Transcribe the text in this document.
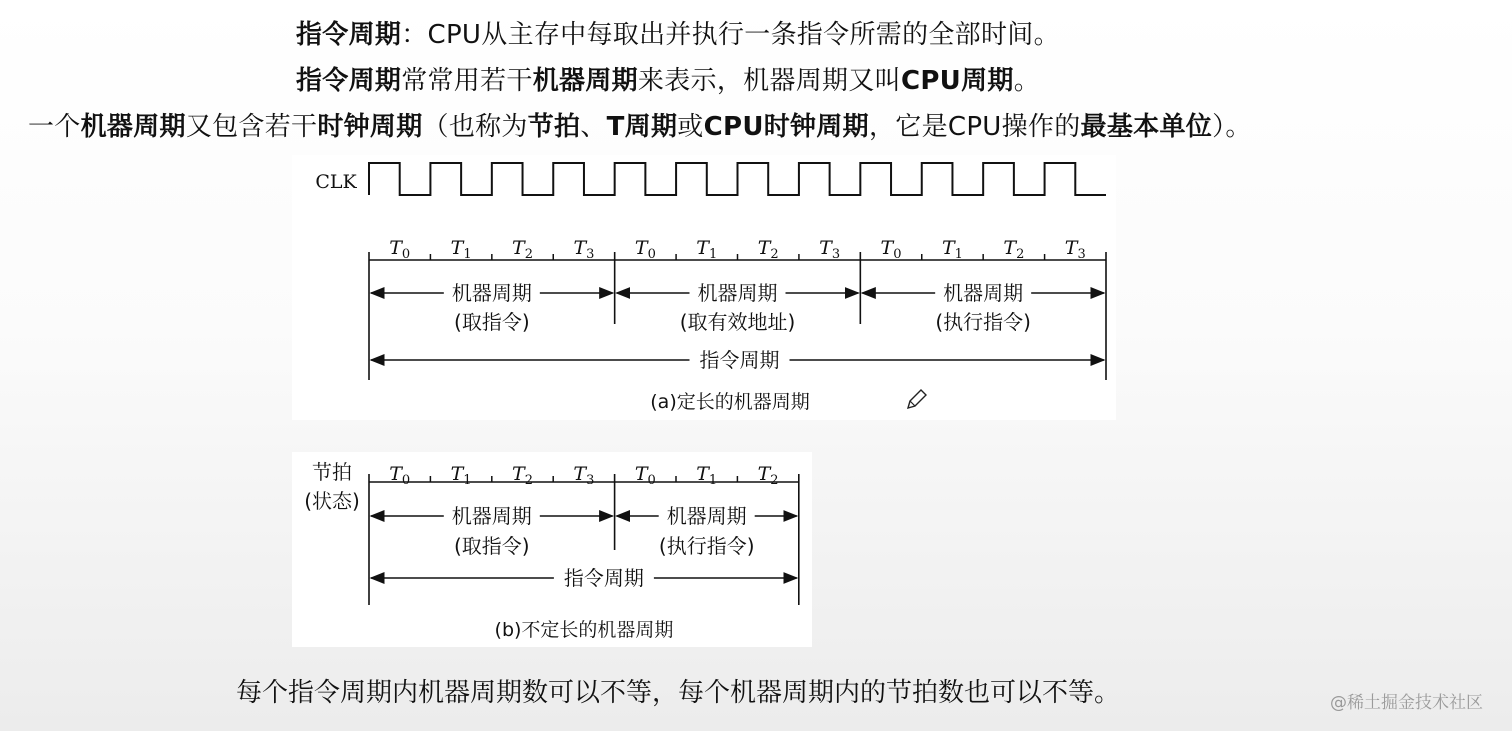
指令周期：CPU从主存中每取出并执行一条指令所需的全部时间。
指令周期常常用若干机器周期来表示，机器周期又叫CPU周期。
一个机器周期又包含若干时钟周期（也称为节拍、T周期或CPU时钟周期，它是CPU操作的最基本单位）。
CLK
$T_0$ $T_1$ $T_2$ $T_3$ $T_0$ $T_1$ $T_2$ $T_3$ $T_0$ $T_1$ $T_2$ $T_3$
机器周期
(取指令)
机器周期
(取有效地址)
机器周期
(执行指令)
指令周期
(a)定长的机器周期
节拍
(状态)
$T_0$ $T_1$ $T_2$ $T_3$ $T_0$ $T_1$ $T_2$
机器周期
(取指令)
机器周期
(执行指令)
指令周期
(b)不定长的机器周期
每个指令周期内机器周期数可以不等，每个机器周期内的节拍数也可以不等。	@稀土掘金技术社区
